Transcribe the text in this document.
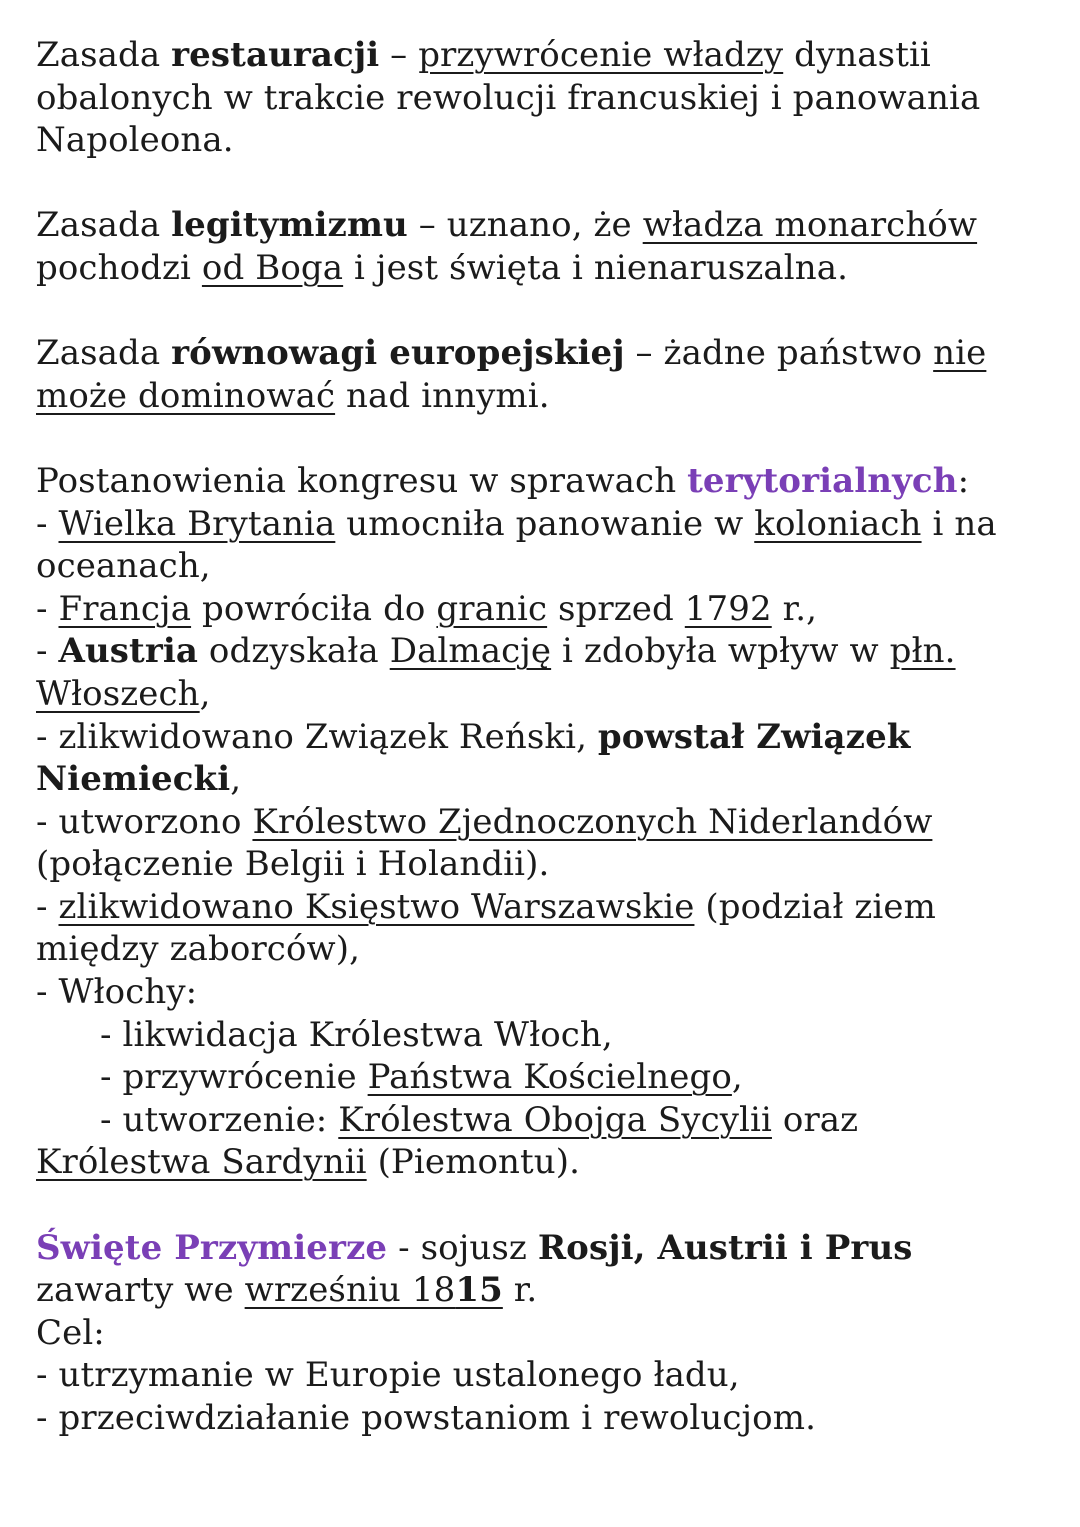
Zasada restauracji – przywrócenie władzy dynastii
obalonych w trakcie rewolucji francuskiej i panowania
Napoleona.
Zasada legitymizmu – uznano, że władza monarchów
pochodzi od Boga i jest święta i nienaruszalna.
Zasada równowagi europejskiej – żadne państwo nie
może dominować nad innymi.
Postanowienia kongresu w sprawach terytorialnych:
- Wielka Brytania umocniła panowanie w koloniach i na
oceanach,
- Francja powróciła do granic sprzed 1792 r.,
- Austria odzyskała Dalmację i zdobyła wpływ w płn.
Włoszech,
- zlikwidowano Związek Reński, powstał Związek
Niemiecki,
- utworzono Królestwo Zjednoczonych Niderlandów
(połączenie Belgii i Holandii).
- zlikwidowano Księstwo Warszawskie (podział ziem
między zaborców),
- Włochy:
- likwidacja Królestwa Włoch,
- przywrócenie Państwa Kościelnego,
- utworzenie: Królestwa Obojga Sycylii oraz
Królestwa Sardynii (Piemontu).
Święte Przymierze - sojusz Rosji, Austrii i Prus
zawarty we wrześniu 1815 r.
Cel:
- utrzymanie w Europie ustalonego ładu,
- przeciwdziałanie powstaniom i rewolucjom.
